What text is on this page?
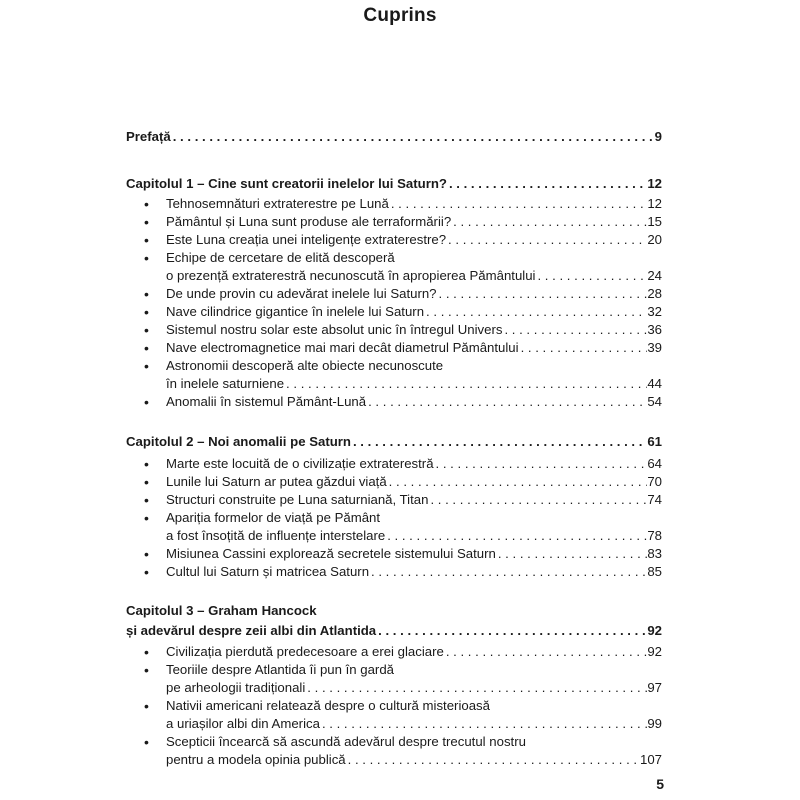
Cuprins
Prefață . . .	9
Capitolul 1 – Cine sunt creatorii inelelor lui Saturn? . . .	12
• Tehnosemnături extraterestre pe Lună . . .	12
• Pământul și Luna sunt produse ale terraformării? . . .	15
• Este Luna creația unei inteligențe extraterestre? . . .	20
• Echipe de cercetare de elită descoperă
o prezență extraterestră necunoscută în apropierea Pământului . . .	24
• De unde provin cu adevărat inelele lui Saturn? . . .	28
• Nave cilindrice gigantice în inelele lui Saturn . . .	32
• Sistemul nostru solar este absolut unic în întregul Univers . . .	36
• Nave electromagnetice mai mari decât diametrul Pământului . . .	39
• Astronomii descoperă alte obiecte necunoscute
în inelele saturniene . . .	44
• Anomalii în sistemul Pământ-Lună . . .	54
Capitolul 2 – Noi anomalii pe Saturn . . .	61
• Marte este locuită de o civilizație extraterestră . . .	64
• Lunile lui Saturn ar putea găzdui viață . . .	70
• Structuri construite pe Luna saturniană, Titan . . .	74
• Apariția formelor de viață pe Pământ
a fost însoțită de influențe interstelare . . .	78
• Misiunea Cassini explorează secretele sistemului Saturn . . .	83
• Cultul lui Saturn și matricea Saturn . . .	85
Capitolul 3 – Graham Hancock
și adevărul despre zeii albi din Atlantida . . .	92
• Civilizația pierdută predecesoare a erei glaciare . . .	92
• Teoriile despre Atlantida îi pun în gardă
pe arheologii tradiționali . . .	97
• Nativii americani relatează despre o cultură misterioasă
a uriașilor albi din America . . .	99
• Scepticii încearcă să ascundă adevărul despre trecutul nostru
pentru a modela opinia publică . . .	107
5
